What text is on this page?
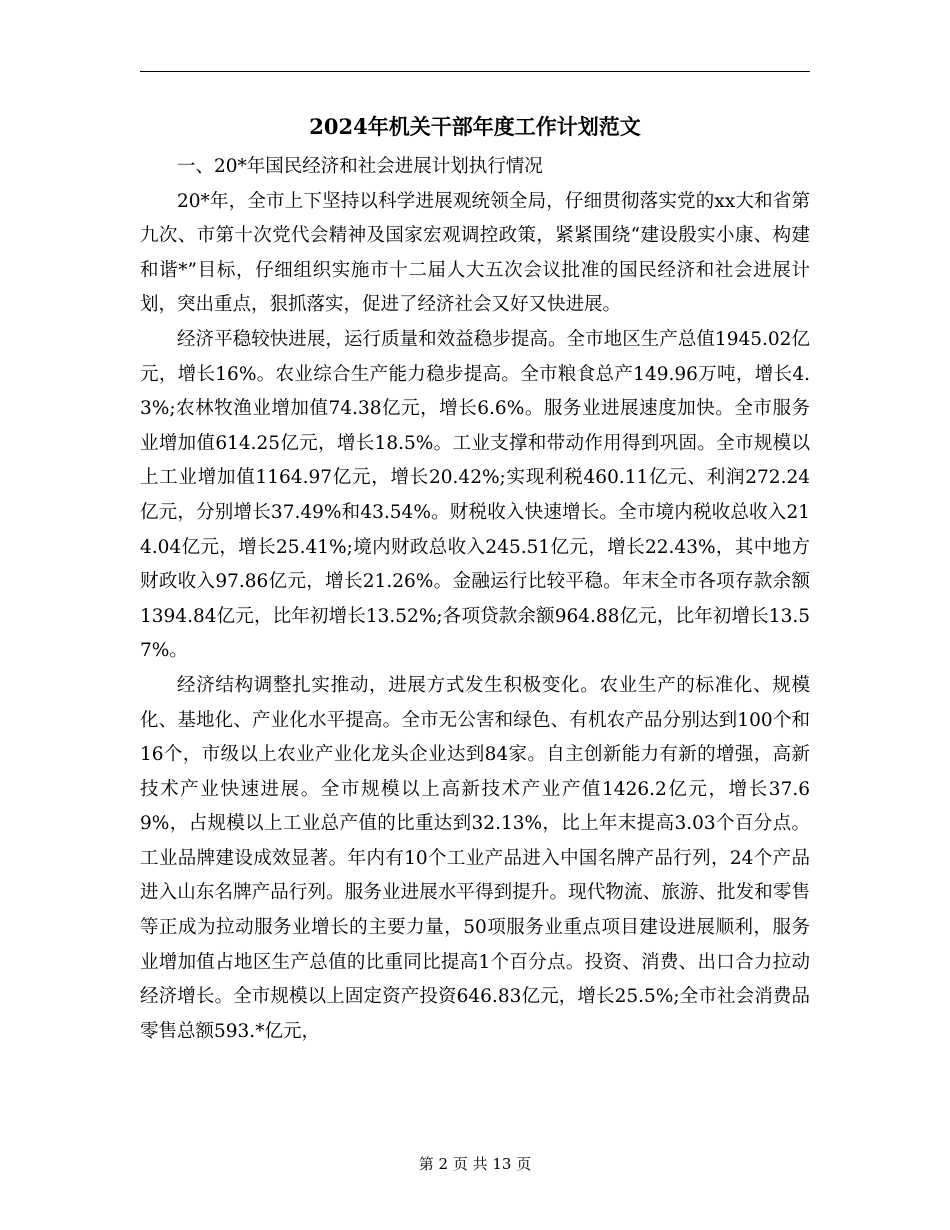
2024年机关干部年度工作计划范文

一、20*年国民经济和社会进展计划执行情况

20*年，全市上下坚持以科学进展观统领全局，仔细贯彻落实党的xx大和省第九次、市第十次党代会精神及国家宏观调控政策，紧紧围绕“建设殷实小康、构建和谐*”目标，仔细组织实施市十二届人大五次会议批准的国民经济和社会进展计划，突出重点，狠抓落实，促进了经济社会又好又快进展。

经济平稳较快进展，运行质量和效益稳步提高。全市地区生产总值1945.02亿元，增长16%。农业综合生产能力稳步提高。全市粮食总产149.96万吨，增长4.3%;农林牧渔业增加值74.38亿元，增长6.6%。服务业进展速度加快。全市服务业增加值614.25亿元，增长18.5%。工业支撑和带动作用得到巩固。全市规模以上工业增加值1164.97亿元，增长20.42%;实现利税460.11亿元、利润272.24亿元，分别增长37.49%和43.54%。财税收入快速增长。全市境内税收总收入214.04亿元，增长25.41%;境内财政总收入245.51亿元，增长22.43%，其中地方财政收入97.86亿元，增长21.26%。金融运行比较平稳。年末全市各项存款余额1394.84亿元，比年初增长13.52%;各项贷款余额964.88亿元，比年初增长13.57%。

经济结构调整扎实推动，进展方式发生积极变化。农业生产的标准化、规模化、基地化、产业化水平提高。全市无公害和绿色、有机农产品分别达到100个和16个，市级以上农业产业化龙头企业达到84家。自主创新能力有新的增强，高新技术产业快速进展。全市规模以上高新技术产业产值1426.2亿元，增长37.69%，占规模以上工业总产值的比重达到32.13%，比上年末提高3.03个百分点。工业品牌建设成效显著。年内有10个工业产品进入中国名牌产品行列，24个产品进入山东名牌产品行列。服务业进展水平得到提升。现代物流、旅游、批发和零售等正成为拉动服务业增长的主要力量，50项服务业重点项目建设进展顺利，服务业增加值占地区生产总值的比重同比提高1个百分点。投资、消费、出口合力拉动经济增长。全市规模以上固定资产投资646.83亿元，增长25.5%;全市社会消费品零售总额593.*亿元，

第 2 页 共 13 页
